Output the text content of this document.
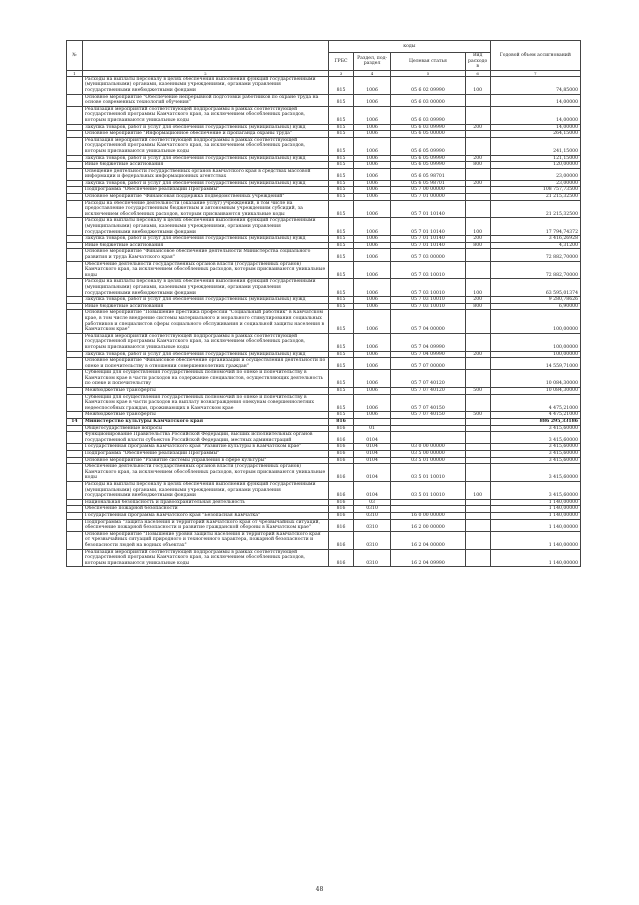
№		коды				Годовой объем ассигнований
		ГРБС	Раздел, под-раздел	Целевая статья	Вид расходов	
1	2	3	4	5	6	7
	Расходы на выплаты персоналу в целях обеспечения выполнения функций государственными (муниципальными) органами, казенными учреждениями, органами управления государственными внебюджетными фондами	815	1006	05 6 02 09990	100	74,85000
	Основное мероприятие "Обеспечение непрерывной подготовки работников по охране труда на основе современных технологий обучения"	815	1006	05 6 03 00000		14,00000
	Реализация мероприятий соответствующей подпрограммы в рамках соответствующей государственной программы Камчатского края, за исключением обособленных расходов, которым присваиваются уникальные коды	815	1006	05 6 03 09990		14,00000
	Закупка товаров, работ и услуг для обеспечения государственных (муниципальных) нужд	815	1006	05 6 03 09990	200	14,00000
	Основное мероприятие "Информационное обеспечение и пропаганда охраны труда"	815	1006	05 6 05 00000		264,15000
	Реализация мероприятий соответствующей подпрограммы в рамках соответствующей государственной программы Камчатского края, за исключением обособленных расходов, которым присваиваются уникальные коды	815	1006	05 6 05 09990		241,15000
	Закупка товаров, работ и услуг для обеспечения государственных (муниципальных) нужд	815	1006	05 6 05 09990	200	121,15000
	Иные бюджетные ассигнования	815	1006	05 6 05 09990	800	120,00000
	Освещение деятельности государственных органов Камчатского края в средствах массовой информации и федеральных информационных агентствах	815	1006	05 6 05 98701		23,00000
	Закупка товаров, работ и услуг для обеспечения государственных (муниципальных) нужд	815	1006	05 6 05 98701	200	23,00000
	Подпрограмма "Обеспечение реализации Программы"	815	1006	05 7 00 00000		108 757,73500
	Основное мероприятие "Финансовая поддержка подведомственных учреждений"	815	1006	05 7 01 00000		21 215,32500
	Расходы на обеспечение деятельности (оказание услуг) учреждений, в том числе на предоставление государственным бюджетным и автономным учреждениям субсидий, за исключением обособленных расходов, которым присваиваются уникальные коды	815	1006	05 7 01 10140		21 215,32500
	Расходы на выплаты персоналу в целях обеспечения выполнения функций государственными (муниципальными) органами, казенными учреждениями, органами управления государственными внебюджетными фондами	815	1006	05 7 01 10140	100	17 794,74372
	Закупка товаров, работ и услуг для обеспечения государственных (муниципальных) нужд	815	1006	05 7 01 10140	200	3 416,26928
	Иные бюджетные ассигнования	815	1006	05 7 01 10140	800	4,31200
	Основное мероприятие "Финансовое обеспечение деятельности Министерства социального развития и труда Камчатского края"	815	1006	05 7 03 00000		72 882,70000
	Обеспечение деятельности государственных органов власти (государственных органов) Камчатского края, за исключением обособленных расходов, которым присваиваются уникальные коды	815	1006	05 7 03 10010		72 882,70000
	Расходы на выплаты персоналу в целях обеспечения выполнения функций государственными (муниципальными) органами, казенными учреждениями, органами управления государственными внебюджетными фондами	815	1006	05 7 03 10010	100	63 595,01374
	Закупка товаров, работ и услуг для обеспечения государственных (муниципальных) нужд	815	1006	05 7 03 10010	200	9 280,78626
	Иные бюджетные ассигнования	815	1006	05 7 03 10010	800	6,90000
	Основное мероприятие "Повышение престижа профессии "Социальный работник" в Камчатском крае, в том числе внедрение системы материального и морального стимулирования социальных работников и специалистов сферы социального обслуживания и социальной защиты населения в Камчатском крае"	815	1006	05 7 04 00000		100,00000
	Реализация мероприятий соответствующей подпрограммы в рамках соответствующей государственной программы Камчатского края, за исключением обособленных расходов, которым присваиваются уникальные коды	815	1006	05 7 04 09990		100,00000
	Закупка товаров, работ и услуг для обеспечения государственных (муниципальных) нужд	815	1006	05 7 04 09990	200	100,00000
	Основное мероприятие "Финансовое обеспечение организации и осуществления деятельности по опеке и попечительству в отношении совершеннолетних граждан"	815	1006	05 7 07 00000		14 559,71000
	Субвенции для осуществления государственных полномочий по опеке и попечительству в Камчатском крае в части расходов на содержание специалистов, осуществляющих деятельность по опеке и попечительству	815	1006	05 7 07 40120		10 084,30000
	Межбюджетные трансферты	815	1006	05 7 07 40120	500	10 084,30000
	Субвенции для осуществления государственных полномочий по опеке и попечительству в Камчатском крае в части расходов на выплату вознаграждения опекунам совершеннолетних недееспособных граждан, проживающих в Камчатском крае	815	1006	05 7 07 40150		4 475,21000
	Межбюджетные трансферты	815	1006	05 7 07 40150	500	4 475,21000
14	Министерство культуры Камчатского края	816				886 295,33186
	Общегосударственные вопросы	816	01			3 415,60000
	Функционирование Правительства Российской Федерации, высших исполнительных органов государственной власти субъектов Российской Федерации, местных администраций	816	0104			3 415,60000
	Государственная программа Камчатского края "Развитие культуры в Камчатском крае"	816	0104	03 0 00 00000		3 415,60000
	Подпрограмма "Обеспечение реализации Программы"	816	0104	03 5 00 00000		3 415,60000
	Основное мероприятие "Развитие системы управления в сфере культуры"	816	0104	03 5 01 00000		3 415,60000
	Обеспечение деятельности государственных органов власти (государственных органов) Камчатского края, за исключением обособленных расходов, которым присваиваются уникальные коды	816	0104	03 5 01 10010		3 415,60000
	Расходы на выплаты персоналу в целях обеспечения выполнения функций государственными (муниципальными) органами, казенными учреждениями, органами управления государственными внебюджетными фондами	816	0104	03 5 01 10010	100	3 415,60000
	Национальная безопасность и правоохранительная деятельность	816	03			1 140,00000
	Обеспечение пожарной безопасности	816	0310			1 140,00000
	Государственная программа Камчатского края "Безопасная Камчатка"	816	0310	16 0 00 00000		1 140,00000
	Подпрограмма "Защита населения и территорий Камчатского края от чрезвычайных ситуаций, обеспечение пожарной безопасности и развитие гражданской обороны в Камчатском крае"	816	0310	16 2 00 00000		1 140,00000
	Основное мероприятие "Повышение уровня защиты населения и территорий Камчатского края от чрезвычайных ситуаций природного и техногенного характера, пожарной безопасности и безопасности людей на водных объектах"	816	0310	16 2 04 00000		1 140,00000
	Реализация мероприятий соответствующей подпрограммы в рамках соответствующей государственной программы Камчатского края, за исключением обособленных расходов, которым присваиваются уникальные коды	816	0310	16 2 04 09990		1 140,00000
48
